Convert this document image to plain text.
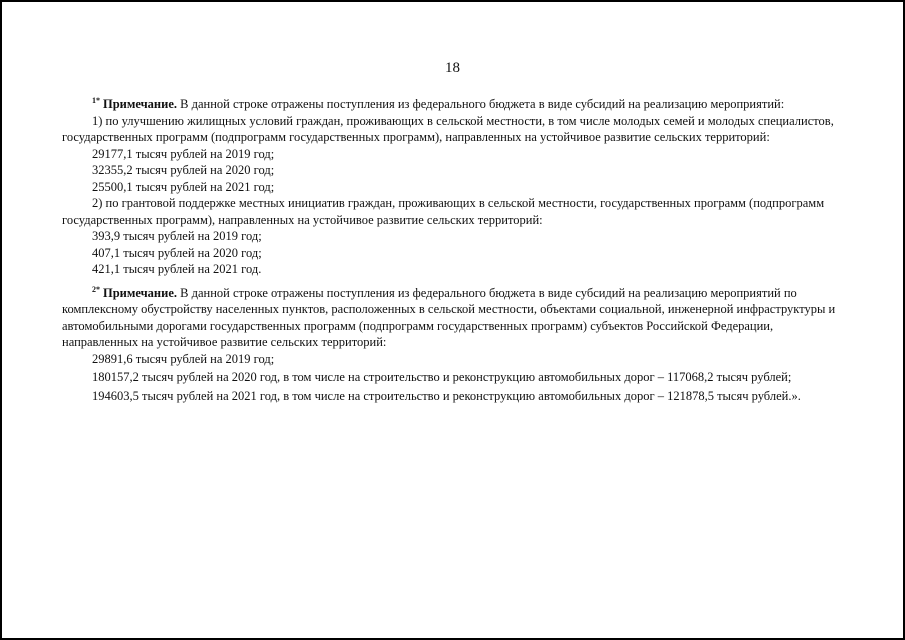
18

$^{1*}$ Примечание. В данной строке отражены поступления из федерального бюджета в виде субсидий на реализацию мероприятий:

1) по улучшению жилищных условий граждан, проживающих в сельской местности, в том числе молодых семей и молодых специалистов, государственных программ (подпрограмм государственных программ), направленных на устойчивое развитие сельских территорий:

29177,1 тысяч рублей на 2019 год;

32355,2 тысяч рублей на 2020 год;

25500,1 тысяч рублей на 2021 год;

2) по грантовой поддержке местных инициатив граждан, проживающих в сельской местности, государственных программ (подпрограмм государственных программ), направленных на устойчивое развитие сельских территорий:

393,9 тысяч рублей на 2019 год;

407,1 тысяч рублей на 2020 год;

421,1 тысяч рублей на 2021 год.

$^{2*}$ Примечание. В данной строке отражены поступления из федерального бюджета в виде субсидий на реализацию мероприятий по комплексному обустройству населенных пунктов, расположенных в сельской местности, объектами социальной, инженерной инфраструктуры и автомобильными дорогами государственных программ (подпрограмм государственных программ) субъектов Российской Федерации, направленных на устойчивое развитие сельских территорий:

29891,6 тысяч рублей на 2019 год;

180157,2 тысяч рублей на 2020 год, в том числе на строительство и реконструкцию автомобильных дорог – 117068,2 тысяч рублей;

194603,5 тысяч рублей на 2021 год, в том числе на строительство и реконструкцию автомобильных дорог – 121878,5 тысяч рублей.».
